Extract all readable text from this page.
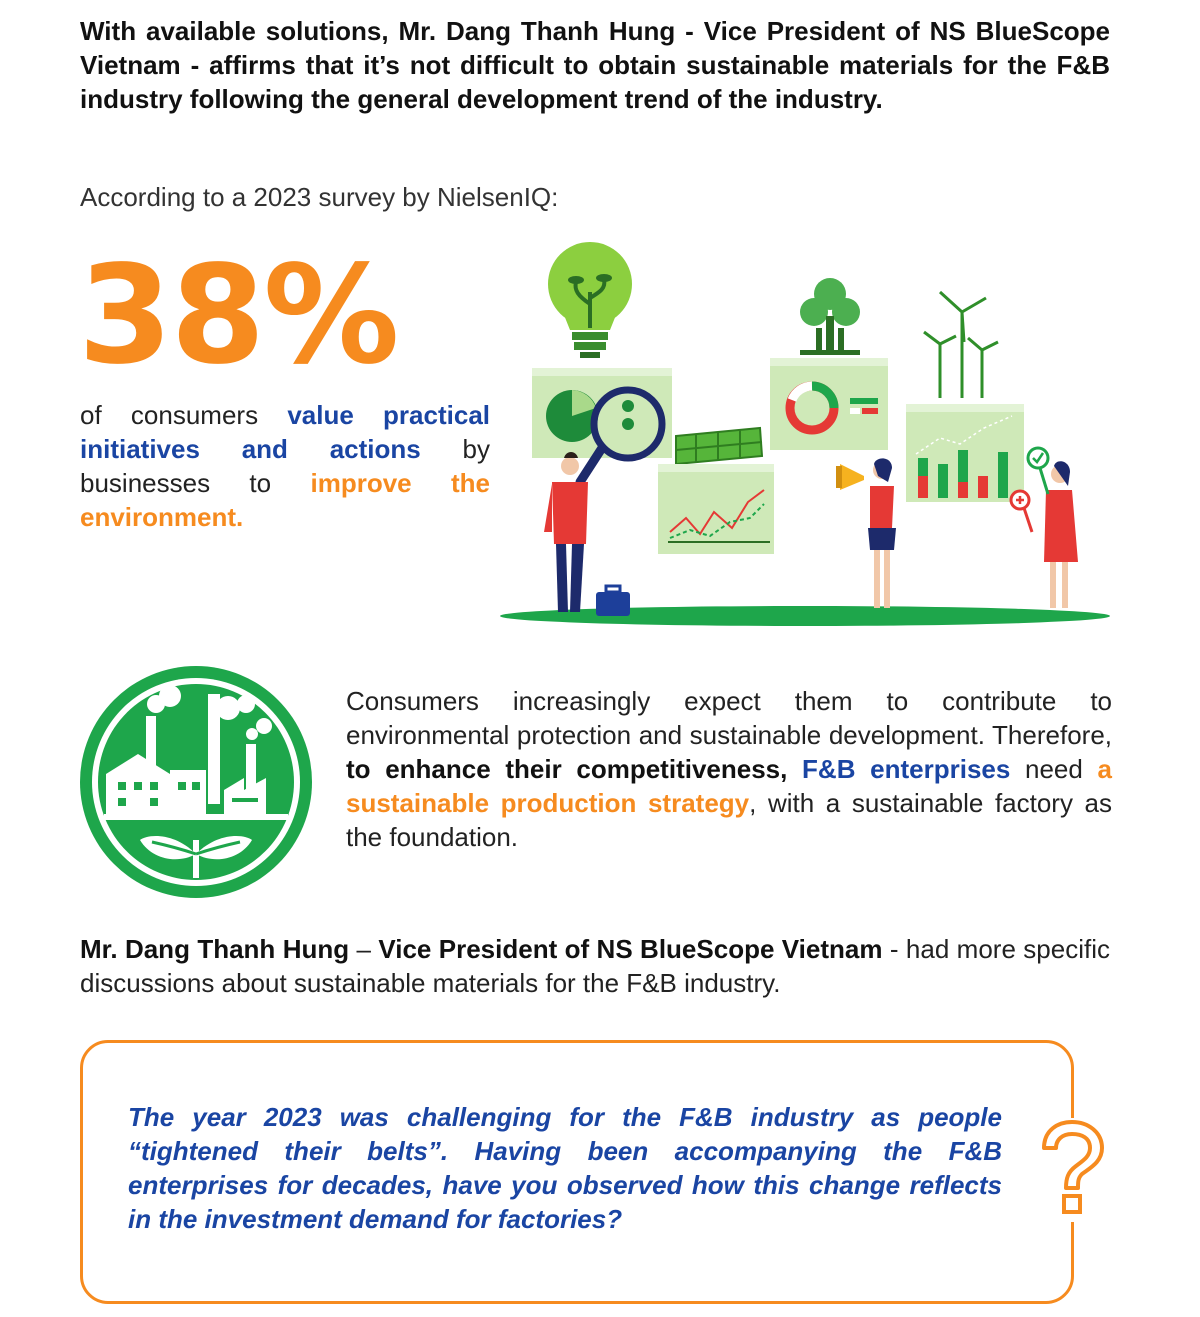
With available solutions, Mr. Dang Thanh Hung - Vice President of NS BlueScope Vietnam - affirms that it’s not difficult to obtain sustainable materials for the F&B industry following the general development trend of the industry.
According to a 2023 survey by NielsenIQ:
38%

of consumers value practical initiatives and actions by businesses to improve the environment.

Consumers increasingly expect them to contribute to environmental protection and sustainable development. Therefore, to enhance their competitiveness, F&B enterprises need a sustainable production strategy, with a sustainable factory as the foundation.

Mr. Dang Thanh Hung – Vice President of NS BlueScope Vietnam - had more specific discussions about sustainable materials for the F&B industry.

The year 2023 was challenging for the F&B industry as people “tightened their belts”. Having been accompanying the F&B enterprises for decades, have you observed how this change reflects in the investment demand for factories?
